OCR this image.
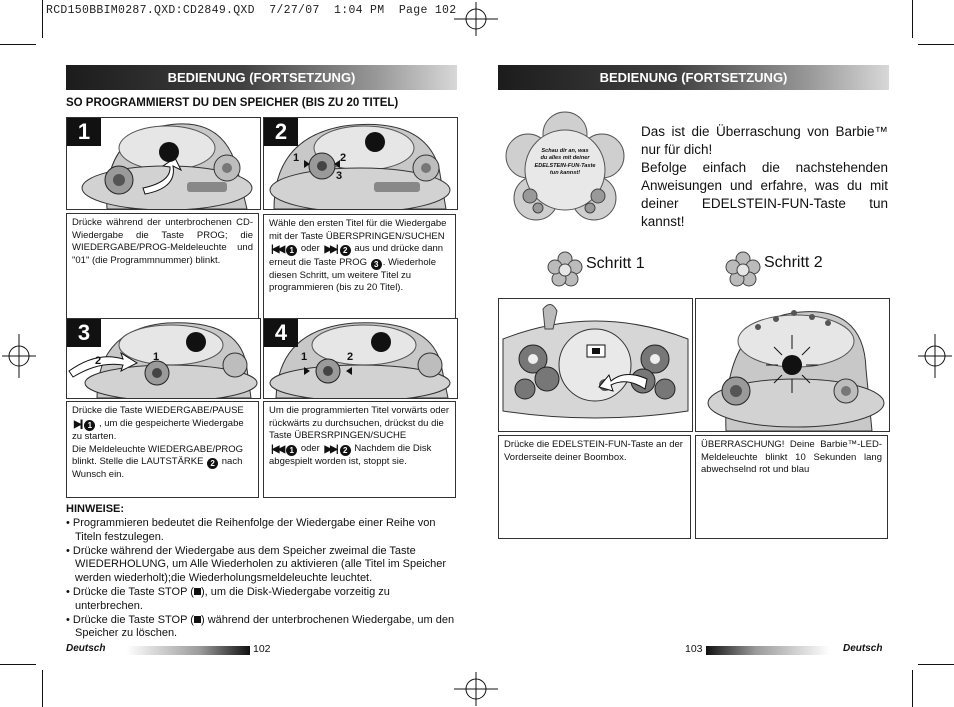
RCD150BBIM0287.QXD:CD2849.QXD  7/27/07  1:04 PM  Page 102
BEDIENUNG (FORTSETZUNG)
SO PROGRAMMIERST DU DEN SPEICHER (BIS ZU 20 TITEL)
1	2
1	2
3
Drücke während der unterbrochenen CD-Wiedergabe die Taste PROG; die WIEDERGABE/PROG-Meldeleuchte und "01" (die Programmnummer) blinkt.
Wähle den ersten Titel für die Wiedergabe mit der Taste ÜBERSPRINGEN/SUCHEN |◀◀ 1 oder ▶▶| 2 aus und drücke dann erneut die Taste PROG 3 . Wiederhole diesen Schritt, um weitere Titel zu programmieren (bis zu 20 Titel).
3
2	1
4
1	2
Drücke die Taste WIEDERGABE/PAUSE
▶|| 1 , um die gespeicherte Wiedergabe zu starten.
Die Meldeleuchte WIEDERGABE/PROG blinkt. Stelle die LAUTSTÄRKE 2 nach Wunsch ein.
Um die programmierten Titel vorwärts oder rückwärts zu durchsuchen, drückst du die Taste ÜBERSRPINGEN/SUCHE
|◀◀ 1 oder ▶▶| 2 Nachdem die Disk abgespielt worden ist, stoppt sie.
HINWEISE:
• Programmieren bedeutet die Reihenfolge der Wiedergabe einer Reihe von Titeln festzulegen.
• Drücke während der Wiedergabe aus dem Speicher zweimal die Taste WIEDERHOLUNG, um Alle Wiederholen zu aktivieren (alle Titel im Speicher werden wiederholt);die Wiederholungsmeldeleuchte leuchtet.
• Drücke die Taste STOP ( ), um die Disk-Wiedergabe vorzeitig zu unterbrechen.
• Drücke die Taste STOP ( ) während der unterbrochenen Wiedergabe, um den Speicher zu löschen.
Deutsch	102
BEDIENUNG (FORTSETZUNG)
Schau dir an, was
du alles mit deiner
EDELSTEIN-FUN-Taste
tun kannst!
Das ist die Überraschung von Barbie™ nur für dich!
Befolge einfach die nachstehenden Anweisungen und erfahre, was du mit deiner EDELSTEIN-FUN-Taste tun kannst!
Schritt 1	Schritt 2
Drücke die EDELSTEIN-FUN-Taste an der Vorderseite deiner Boombox.
ÜBERRASCHUNG! Deine Barbie™-LED-Meldeleuchte blinkt 10 Sekunden lang abwechselnd rot und blau
103	Deutsch
